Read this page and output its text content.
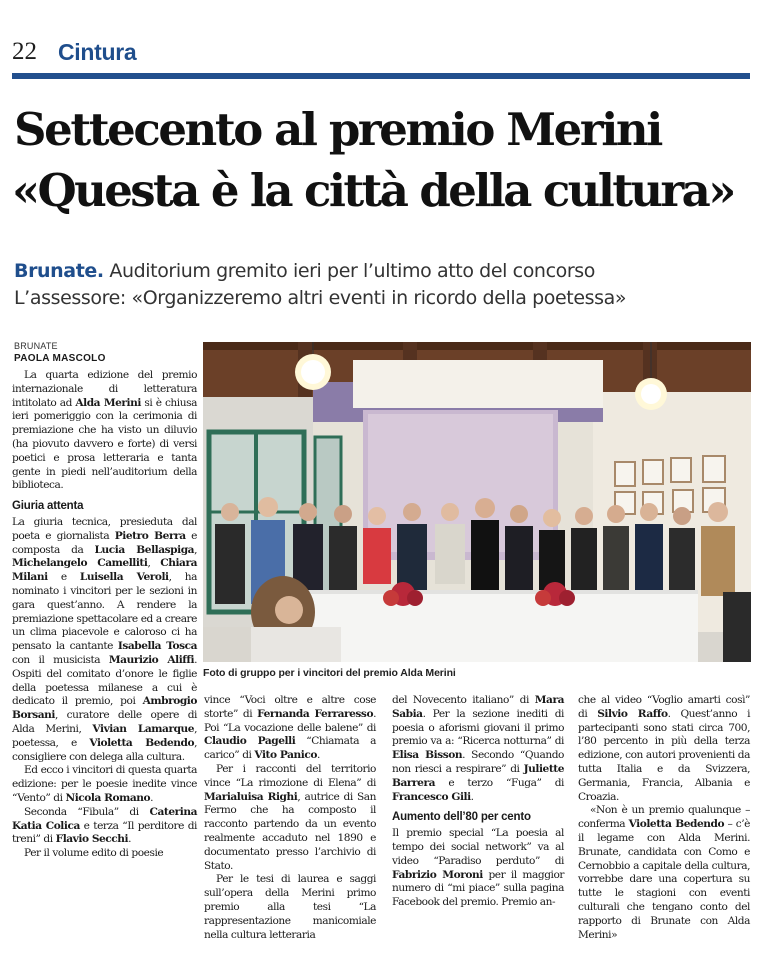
22 Cintura
Settecento al premio Merini
«Questa è la città della cultura»
Brunate. Auditorium gremito ieri per l’ultimo atto del concorso
L’assessore: «Organizzeremo altri eventi in ricordo della poetessa»
BRUNATE
PAOLA MASCOLO

La quarta edizione del premio internazionale di letteratura intitolato ad Alda Merini si è chiusa ieri pomeriggio con la cerimonia di premiazione che ha visto un diluvio (ha piovuto davvero e forte) di versi poetici e prosa letteraria e tanta gente in piedi nell’auditorium della biblioteca.

Giuria attenta

La giuria tecnica, presieduta dal poeta e giornalista Pietro Berra e composta da Lucia Bellaspiga, Michelangelo Camelliti, Chiara Milani e Luisella Veroli, ha nominato i vincitori per le sezioni in gara quest’anno. A rendere la premiazione spettacolare ed a creare un clima piacevole e caloroso ci ha pensato la cantante Isabella Tosca con il musicista Maurizio Aliffi. Ospiti del comitato d’onore le figlie della poetessa milanese a cui è dedicato il premio, poi Ambrogio Borsani, curatore delle opere di Alda Merini, Vivian Lamarque, poetessa, e Violetta Bedendo, consigliere con delega alla cultura.

Ed ecco i vincitori di questa quarta edizione: per le poesie inedite vince “Vento” di Nicola Romano.

Seconda “Fibula” di Caterina Katia Colica e terza “Il perditore di treni” di Flavio Secchi.

Per il volume edito di poesie

Foto di gruppo per i vincitori del premio Alda Merini

vince “Voci oltre e altre cose storte” di Fernanda Ferraresso. Poi “La vocazione delle balene” di Claudio Pagelli “Chiamata a carico” di Vito Panico.

Per i racconti del territorio vince “La rimozione di Elena” di Marialuisa Righi, autrice di San Fermo che ha composto il racconto partendo da un evento realmente accaduto nel 1890 e documentato presso l’archivio di Stato.

Per le tesi di laurea e saggi sull’opera della Merini primo premio alla tesi “La rappresentazione manicomiale nella cultura letteraria

del Novecento italiano” di Mara Sabia. Per la sezione inediti di poesia o aforismi giovani il primo premio va a: “Ricerca notturna” di Elisa Bisson. Secondo “Quando non riesci a respirare” di Juliette Barrera e terzo “Fuga” di Francesco Gili.

Aumento dell’80 per cento

Il premio special “La poesia al tempo dei social network” va al video “Paradiso perduto” di Fabrizio Moroni per il maggior numero di “mi piace” sulla pagina Facebook del premio. Premio an-

che al video “Voglio amarti così” di Silvio Raffo. Quest’anno i partecipanti sono stati circa 700, l’80 percento in più della terza edizione, con autori provenienti da tutta Italia e da Svizzera, Germania, Francia, Albania e Croazia.

«Non è un premio qualunque – conferma Violetta Bedendo – c’è il legame con Alda Merini. Brunate, candidata con Como e Cernobbio a capitale della cultura, vorrebbe dare una copertura su tutte le stagioni con eventi culturali che tengano conto del rapporto di Brunate con Alda Merini»
